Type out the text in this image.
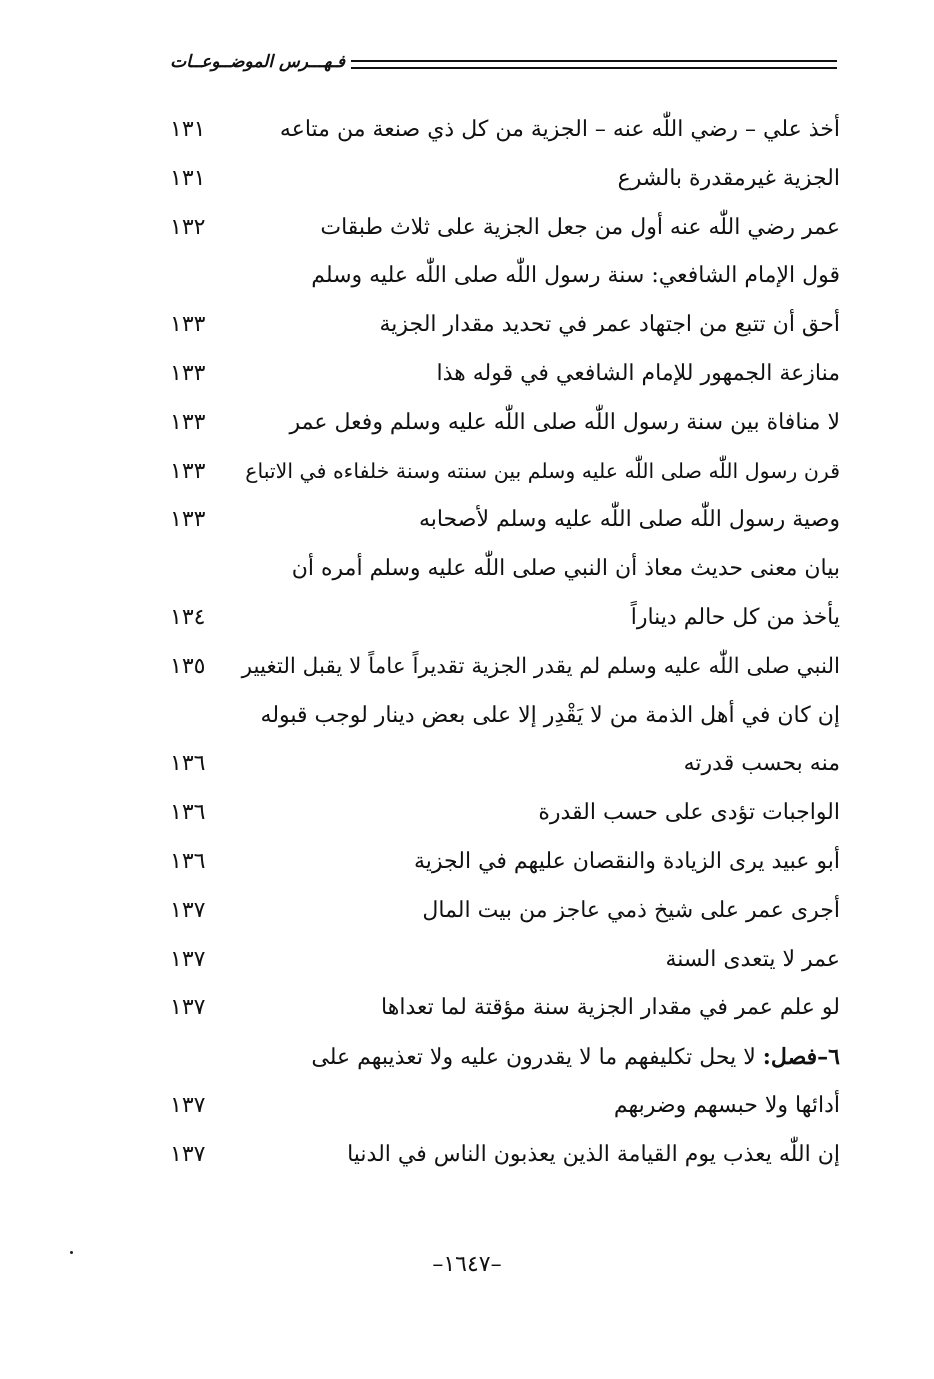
فـهـــرس الموضــوعــات
أخذ علي – رضي اللّٰه عنه – الجزية من كل ذي صنعة من متاعه
١٣١
الجزية غيرمقدرة بالشرع
١٣١
عمر رضي اللّٰه عنه أول من جعل الجزية على ثلاث طبقات
١٣٢
قول الإمام الشافعي: سنة رسول اللّٰه صلى اللّٰه عليه وسلم
أحق أن تتبع من اجتهاد عمر في تحديد مقدار الجزية
١٣٣
منازعة الجمهور للإمام الشافعي في قوله هذا
١٣٣
لا منافاة بين سنة رسول اللّٰه صلى اللّٰه عليه وسلم وفعل عمر
١٣٣
قرن رسول اللّٰه صلى اللّٰه عليه وسلم بين سنته وسنة خلفاءه في الاتباع
١٣٣
وصية رسول اللّٰه صلى اللّٰه عليه وسلم لأصحابه
١٣٣
بيان معنى حديث معاذ أن النبي صلى اللّٰه عليه وسلم أمره أن
يأخذ من كل حالم ديناراً
١٣٤
النبي صلى اللّٰه عليه وسلم لم يقدر الجزية تقديراً عاماً لا يقبل التغيير
١٣٥
إن كان في أهل الذمة من لا يَقْدِر إلا على بعض دينار لوجب قبوله
منه بحسب قدرته
١٣٦
الواجبات تؤدى على حسب القدرة
١٣٦
أبو عبيد يرى الزيادة والنقصان عليهم في الجزية
١٣٦
أجرى عمر على شيخ ذمي عاجز من بيت المال
١٣٧
عمر لا يتعدى السنة
١٣٧
لو علم عمر في مقدار الجزية سنة مؤقتة لما تعداها
١٣٧
٦–فصل: لا يحل تكليفهم ما لا يقدرون عليه ولا تعذيبهم على
أدائها ولا حبسهم وضربهم
١٣٧
إن اللّٰه يعذب يوم القيامة الذين يعذبون الناس في الدنيا
١٣٧
–١٦٤٧–
